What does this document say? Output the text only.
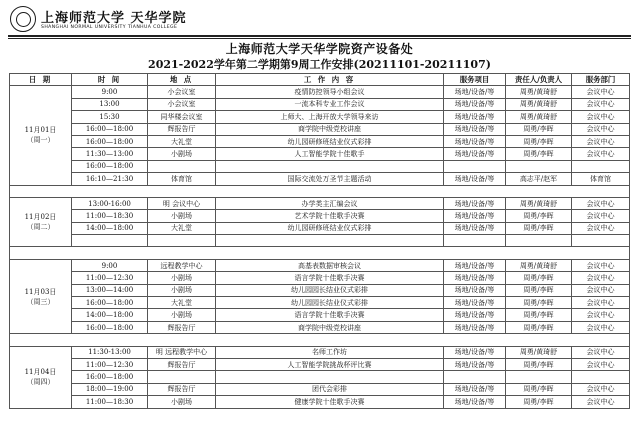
上海师范大学 天华学院
SHANGHAI NORMAL UNIVERSITY TIANHUA COLLEGE
上海师范大学天华学院资产设备处
2021-2022学年第二学期第9周工作安排(20211101-20211107)
日 期	时 间	地 点	工 作 内 容	服务项目	责任人/负责人	服务部门

11月01日
（周一）	9:00	小会议室	疫情防控领导小组会议	场地/设备/等	周勇/黄琦舒	会议中心
	13:00	小会议室	一流本科专业工作会议	场地/设备/等	周勇/黄琦舒	会议中心
	15:30	同华楼会议室	上师大、上海开放大学领导来访	场地/设备/等	周勇/黄琦舒	会议中心
	16:00—18:00	辉报告厅	商学院中级党校讲座	场地/设备/等	周勇/李晖	会议中心
	16:00—18:00	大礼堂	幼儿园研修班结业仪式彩排	场地/设备/等	周勇/李晖	会议中心
	11:30—13:00	小剧场	人工智能学院十佳歌手	场地/设备/等	周勇/李晖	会议中心
	16:00—18:00					
	16:10—21:30	体育馆	国际交流处万圣节主题活动	场地/设备/等	高志平/赵军	体育馆

11月02日
（周二）	13:00-16:00	明 会议中心	办学类主汇编会议	场地/设备/等	周勇/黄琦舒	会议中心
	11:00—18:30	小剧场	艺术学院十佳歌手决赛	场地/设备/等	周勇/李晖	会议中心
	14:00—18:00	大礼堂	幼儿园研修班结业仪式彩排	场地/设备/等	周勇/李晖	会议中心

11月03日
（周三）	9:00	远程教学中心	高基表数据审核会议	场地/设备/等	周勇/黄琦舒	会议中心
	11:00—12:30	小剧场	语言学院十佳歌手决赛	场地/设备/等	周勇/李晖	会议中心
	13:00—14:00	小剧场	幼儿园园长结业仪式彩排	场地/设备/等	周勇/李晖	会议中心
	16:00—18:00	大礼堂	幼儿园园长结业仪式彩排	场地/设备/等	周勇/李晖	会议中心
	14:00—18:00	小剧场	语言学院十佳歌手决赛	场地/设备/等	周勇/李晖	会议中心
	16:00—18:00	辉报告厅	商学院中级党校讲座	场地/设备/等	周勇/李晖	会议中心

11月04日
（周四）	11:30-13:00	明 远程教学中心	名师工作坊	场地/设备/等	周勇/黄琦舒	会议中心
	11:00—12:30	辉报告厅	人工智能学院挑战杯评比赛	场地/设备/等	周勇/李晖	会议中心
	16:00—18:00					
	18:00—19:00	辉报告厅	团代会彩排	场地/设备/等	周勇/李晖	会议中心
	11:00—18:30	小剧场	健康学院十佳歌手决赛	场地/设备/等	周勇/李晖	会议中心
